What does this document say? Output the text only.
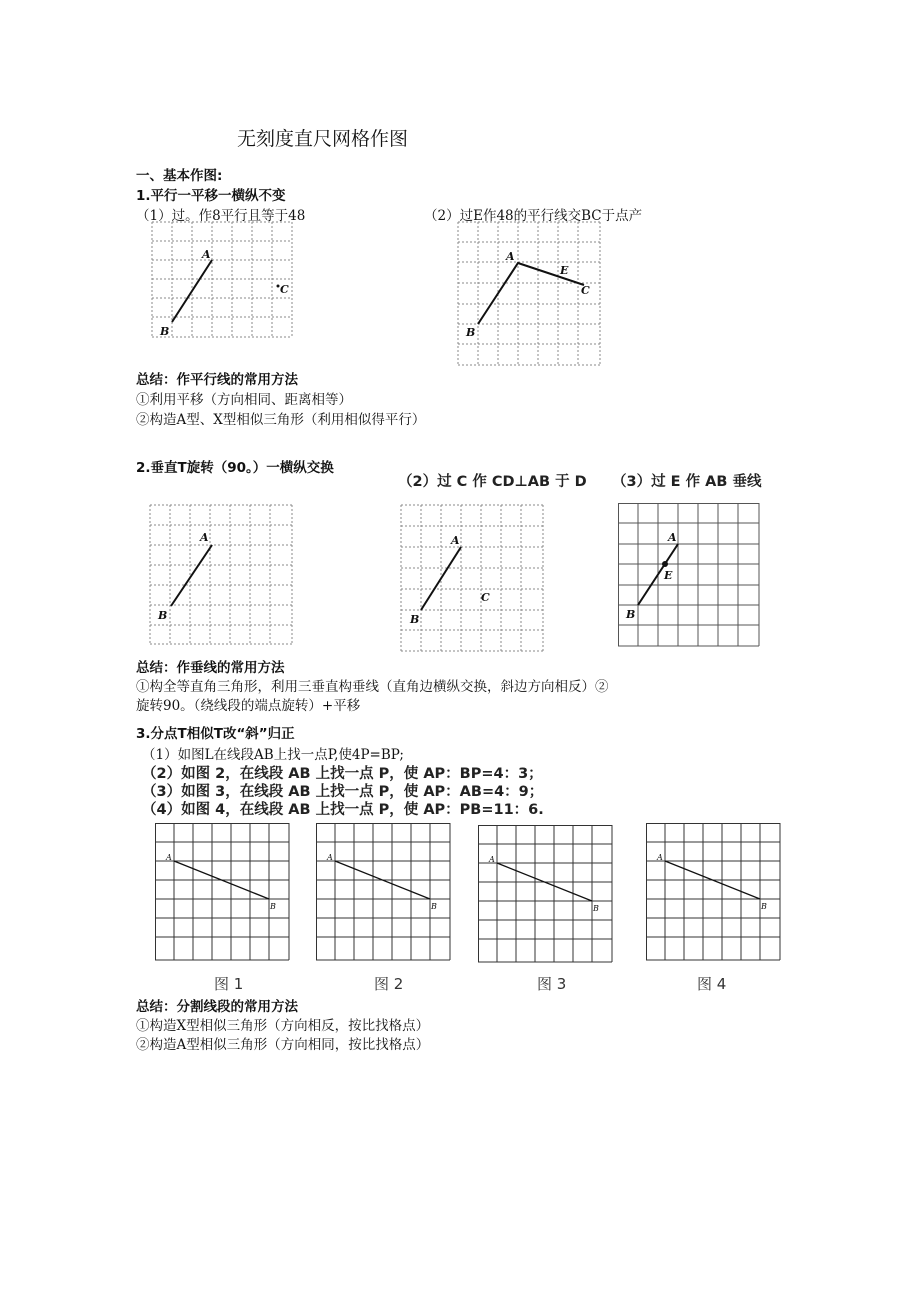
无刻度直尺网格作图
一、基本作图:
1.平行一平移一横纵不变
（1）过。作8平行且等于48	（2）过E作48的平行线交BC于点产
A
B
C
A
B
E
C
总结：作平行线的常用方法
①利用平移（方向相同、距离相等）
②构造A型、X型相似三角形（利用相似得平行）
2.垂直T旋转（90。）一横纵交换
（2）过 C 作 CD⊥AB 于 D （3）过 E 作 AB 垂线
A
B
A
B
C
A
B
E
总结：作垂线的常用方法
①构全等直角三角形，利用三垂直构垂线（直角边横纵交换，斜边方向相反）②
旋转90。（绕线段的端点旋转）+平移
3.分点T相似T改“斜”归正
（1）如图L在线段AB上找一点P,使4P=BP;
（2）如图 2，在线段 AB 上找一点 P，使 AP：BP=4：3；
（3）如图 3，在线段 AB 上找一点 P，使 AP：AB=4：9；
（4）如图 4，在线段 AB 上找一点 P，使 AP：PB=11：6.
A
B
A
B
A
B
A
B
图 1	图 2	图 3	图 4
总结：分割线段的常用方法
①构造X型相似三角形（方向相反，按比找格点）
②构造A型相似三角形（方向相同，按比找格点）
